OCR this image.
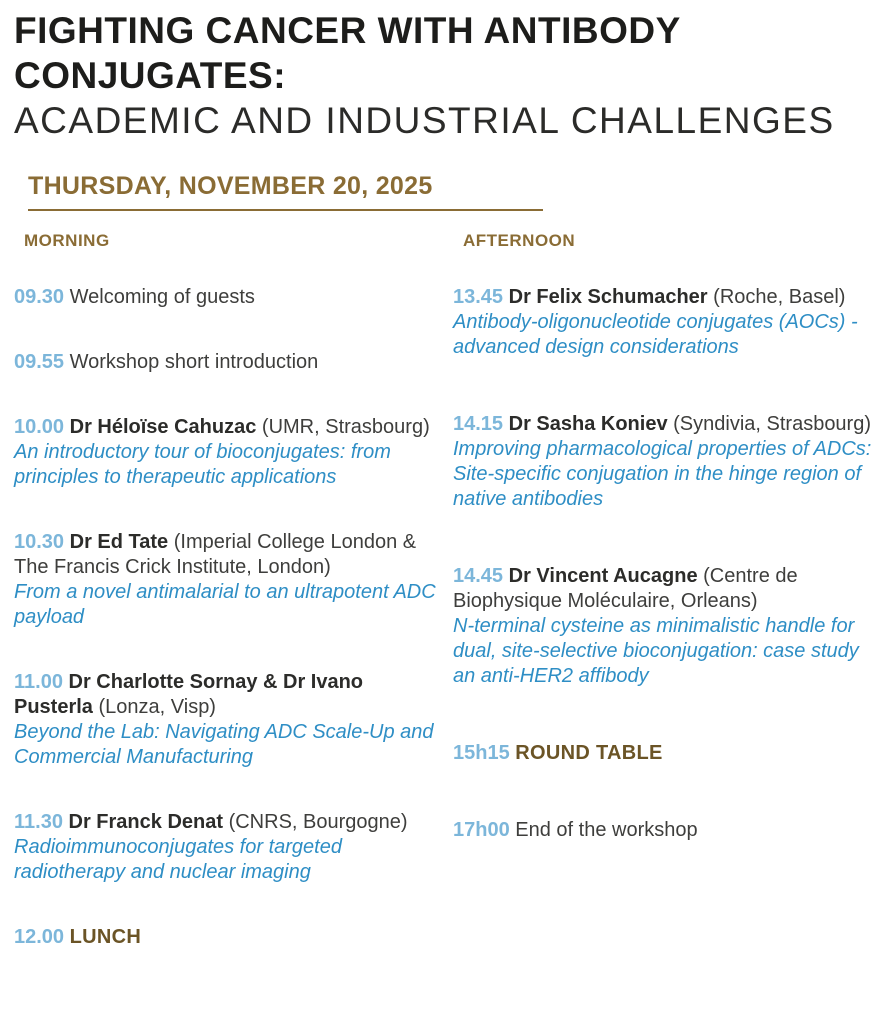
FIGHTING CANCER WITH ANTIBODY
CONJUGATES:
ACADEMIC AND INDUSTRIAL CHALLENGES
THURSDAY, NOVEMBER 20, 2025
MORNING

09.30 Welcoming of guests

09.55 Workshop short introduction

10.00 Dr Héloïse Cahuzac (UMR, Strasbourg)

An introductory tour of bioconjugates: from principles to therapeutic applications

10.30 Dr Ed Tate (Imperial College London & The Francis Crick Institute, London)

From a novel antimalarial to an ultrapotent ADC payload

11.00 Dr Charlotte Sornay & Dr Ivano Pusterla (Lonza, Visp)

Beyond the Lab: Navigating ADC Scale-Up and Commercial Manufacturing

11.30 Dr Franck Denat (CNRS, Bourgogne)

Radioimmunoconjugates for targeted radiotherapy and nuclear imaging

12.00 LUNCH

AFTERNOON

13.45 Dr Felix Schumacher (Roche, Basel)

Antibody-oligonucleotide conjugates (AOCs) - advanced design considerations

14.15 Dr Sasha Koniev (Syndivia, Strasbourg)

Improving pharmacological properties of ADCs: Site-specific conjugation in the hinge region of native antibodies

14.45 Dr Vincent Aucagne (Centre de Biophysique Moléculaire, Orleans)

N-terminal cysteine as minimalistic handle for dual, site-selective bioconjugation: case study an anti-HER2 affibody

15h15 ROUND TABLE

17h00 End of the workshop
